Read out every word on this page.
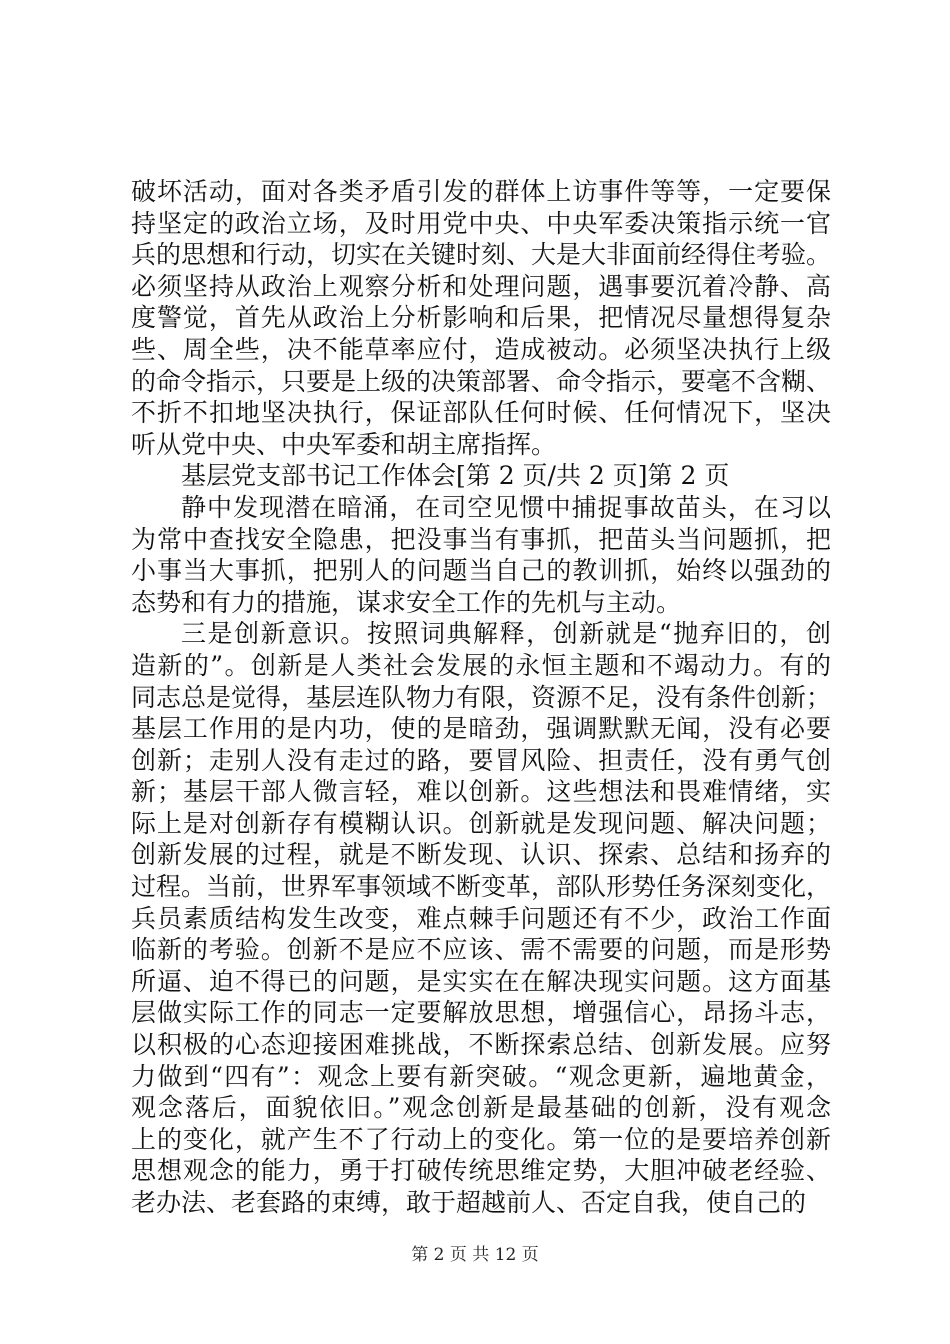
破坏活动，面对各类矛盾引发的群体上访事件等等，一定要保
持坚定的政治立场，及时用党中央、中央军委决策指示统一官
兵的思想和行动，切实在关键时刻、大是大非面前经得住考验。
必须坚持从政治上观察分析和处理问题，遇事要沉着冷静、高
度警觉，首先从政治上分析影响和后果，把情况尽量想得复杂
些、周全些，决不能草率应付，造成被动。必须坚决执行上级
的命令指示，只要是上级的决策部署、命令指示，要毫不含糊、
不折不扣地坚决执行，保证部队任何时候、任何情况下，坚决
听从党中央、中央军委和胡主席指挥。
基层党支部书记工作体会[第 2 页/共 2 页]第 2 页
静中发现潜在暗涌，在司空见惯中捕捉事故苗头，在习以
为常中查找安全隐患，把没事当有事抓，把苗头当问题抓，把
小事当大事抓，把别人的问题当自己的教训抓，始终以强劲的
态势和有力的措施，谋求安全工作的先机与主动。
三是创新意识。按照词典解释，创新就是“抛弃旧的，创
造新的”。创新是人类社会发展的永恒主题和不竭动力。有的
同志总是觉得，基层连队物力有限，资源不足，没有条件创新；
基层工作用的是内功，使的是暗劲，强调默默无闻，没有必要
创新；走别人没有走过的路，要冒风险、担责任，没有勇气创
新；基层干部人微言轻，难以创新。这些想法和畏难情绪，实
际上是对创新存有模糊认识。创新就是发现问题、解决问题；
创新发展的过程，就是不断发现、认识、探索、总结和扬弃的
过程。当前，世界军事领域不断变革，部队形势任务深刻变化，
兵员素质结构发生改变，难点棘手问题还有不少，政治工作面
临新的考验。创新不是应不应该、需不需要的问题，而是形势
所逼、迫不得已的问题，是实实在在解决现实问题。这方面基
层做实际工作的同志一定要解放思想，增强信心，昂扬斗志，
以积极的心态迎接困难挑战，不断探索总结、创新发展。应努
力做到“四有”：观念上要有新突破。“观念更新，遍地黄金，
观念落后，面貌依旧。”观念创新是最基础的创新，没有观念
上的变化，就产生不了行动上的变化。第一位的是要培养创新
思想观念的能力，勇于打破传统思维定势，大胆冲破老经验、
老办法、老套路的束缚，敢于超越前人、否定自我，使自己的
第 2 页 共 12 页
